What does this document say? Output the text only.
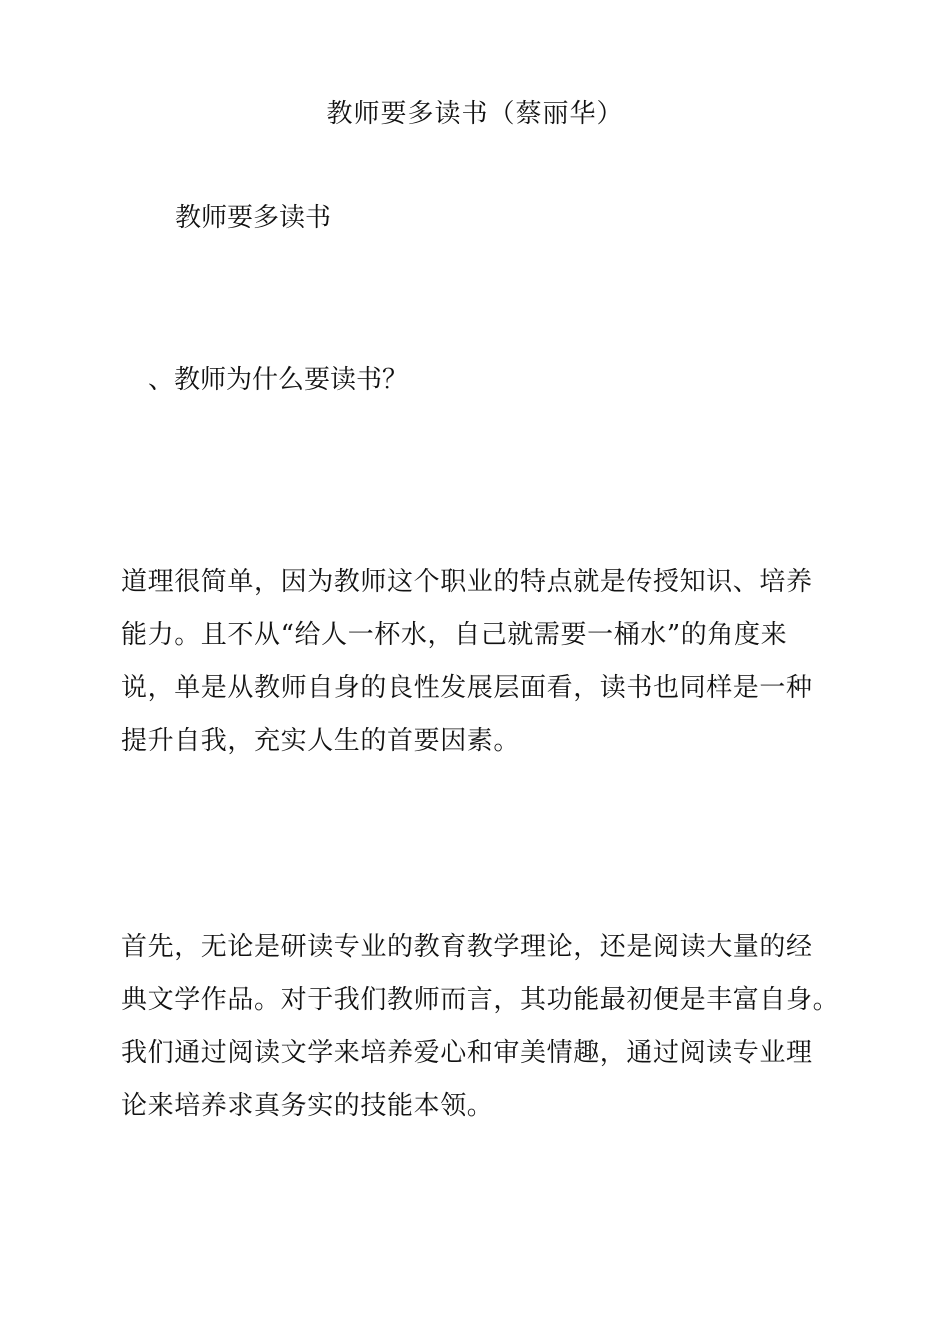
教师要多读书（蔡丽华）
教师要多读书
、教师为什么要读书？
道理很简单，因为教师这个职业的特点就是传授知识、培养
能力。且不从“给人一杯水，自己就需要一桶水”的角度来
说，单是从教师自身的良性发展层面看，读书也同样是一种
提升自我，充实人生的首要因素。
首先，无论是研读专业的教育教学理论，还是阅读大量的经
典文学作品。对于我们教师而言，其功能最初便是丰富自身。
我们通过阅读文学来培养爱心和审美情趣，通过阅读专业理
论来培养求真务实的技能本领。
